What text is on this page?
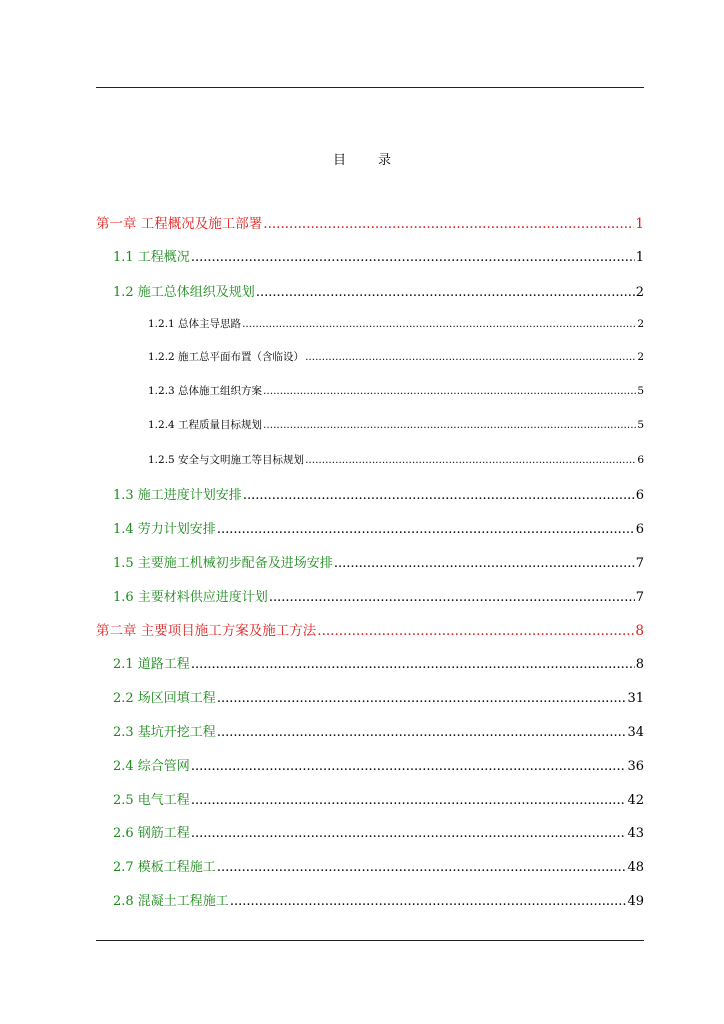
目 录
第一章 工程概况及施工部署 .....	1
1.1 工程概况 .....	1
1.2 施工总体组织及规划 .....	2
1.2.1 总体主导思路 .....	2
1.2.2 施工总平面布置（含临设） .....	2
1.2.3 总体施工组织方案 .....	5
1.2.4 工程质量目标规划 .....	5
1.2.5 安全与文明施工等目标规划 .....	6
1.3 施工进度计划安排 .....	6
1.4 劳力计划安排 .....	6
1.5 主要施工机械初步配备及进场安排 .....	7
1.6 主要材料供应进度计划 .....	7
第二章 主要项目施工方案及施工方法 .....	8
2.1 道路工程 .....	8
2.2 场区回填工程 .....	31
2.3 基坑开挖工程 .....	34
2.4 综合管网 .....	36
2.5 电气工程 .....	42
2.6 钢筋工程 .....	43
2.7 模板工程施工 .....	48
2.8 混凝土工程施工 .....	49
